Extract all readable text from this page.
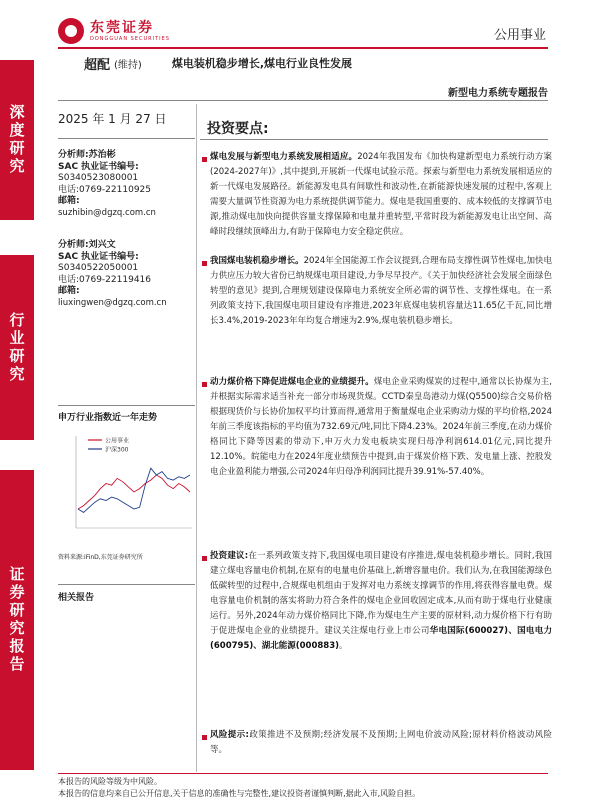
东莞证券
DONGGUAN SECURITIES	公用事业
深度研究
行业研究
证券研究报告
超配 (维持)	煤电装机稳步增长,煤电行业良性发展
新型电力系统专题报告
2025 年 1 月 27 日
分析师:苏治彬
SAC 执业证书编号:
S0340523080001
电话:0769-22110925
邮箱:
suzhibin@dgzq.com.cn
分析师:刘兴文
SAC 执业证书编号:
S0340522050001
电话:0769-22119416
邮箱:
liuxingwen@dgzq.com.cn
申万行业指数近一年走势
公用事业
沪深300
资料来源:iFinD,东莞证券研究所
相关报告
投资要点:
煤电发展与新型电力系统发展相适应。2024年我国发布《加快构建新型电力系统行动方案(2024-2027年)》,其中提到,开展新一代煤电试验示范。探索与新型电力系统发展相适应的新一代煤电发展路径。新能源发电具有间歇性和波动性,在新能源快速发展的过程中,客观上需要大量调节性资源为电力系统提供调节能力。煤电是我国重要的、成本较低的支撑调节电源,推动煤电加快向提供容量支撑保障和电量并重转型,平常时段为新能源发电让出空间、高峰时段继续顶峰出力,有助于保障电力安全稳定供应。
我国煤电装机稳步增长。2024年全国能源工作会议提到,合理布局支撑性调节性煤电,加快电力供应压力较大省份已纳规煤电项目建设,力争尽早投产。《关于加快经济社会发展全面绿色转型的意见》提到,合理规划建设保障电力系统安全所必需的调节性、支撑性煤电。在一系列政策支持下,我国煤电项目建设有序推进,2023年底煤电装机容量达11.65亿千瓦,同比增长3.4%,2019-2023年年均复合增速为2.9%,煤电装机稳步增长。
动力煤价格下降促进煤电企业的业绩提升。煤电企业采购煤炭的过程中,通常以长协煤为主,并根据实际需求适当补充一部分市场现货煤。CCTD秦皇岛港动力煤(Q5500)综合交易价格根据现货价与长协价加权平均计算而得,通常用于衡量煤电企业采购动力煤的平均价格,2024年前三季度该指标的平均值为732.69元/吨,同比下降4.23%。2024年前三季度,在动力煤价格同比下降等因素的带动下,申万火力发电板块实现归母净利润614.01亿元,同比提升12.10%。皖能电力在2024年度业绩预告中提到,由于煤炭价格下跌、发电量上涨、控股发电企业盈利能力增强,公司2024年归母净利润同比提升39.91%-57.40%。
投资建议:在一系列政策支持下,我国煤电项目建设有序推进,煤电装机稳步增长。同时,我国建立煤电容量电价机制,在原有的电量电价基础上,新增容量电价。我们认为,在我国能源绿色低碳转型的过程中,合规煤电机组由于发挥对电力系统支撑调节的作用,将获得容量电费。煤电容量电价机制的落实将助力符合条件的煤电企业回收固定成本,从而有助于煤电行业健康运行。另外,2024年动力煤价格同比下降,作为煤电生产主要的原材料,动力煤价格下行有助于促进煤电企业的业绩提升。建议关注煤电行业上市公司华电国际(600027)、国电电力(600795)、湖北能源(000883)。
风险提示:政策推进不及预期;经济发展不及预期;上网电价波动风险;原材料价格波动风险等。
本报告的风险等级为中风险。
本报告的信息均来自已公开信息,关于信息的准确性与完整性,建议投资者谨慎判断,据此入市,风险自担。
